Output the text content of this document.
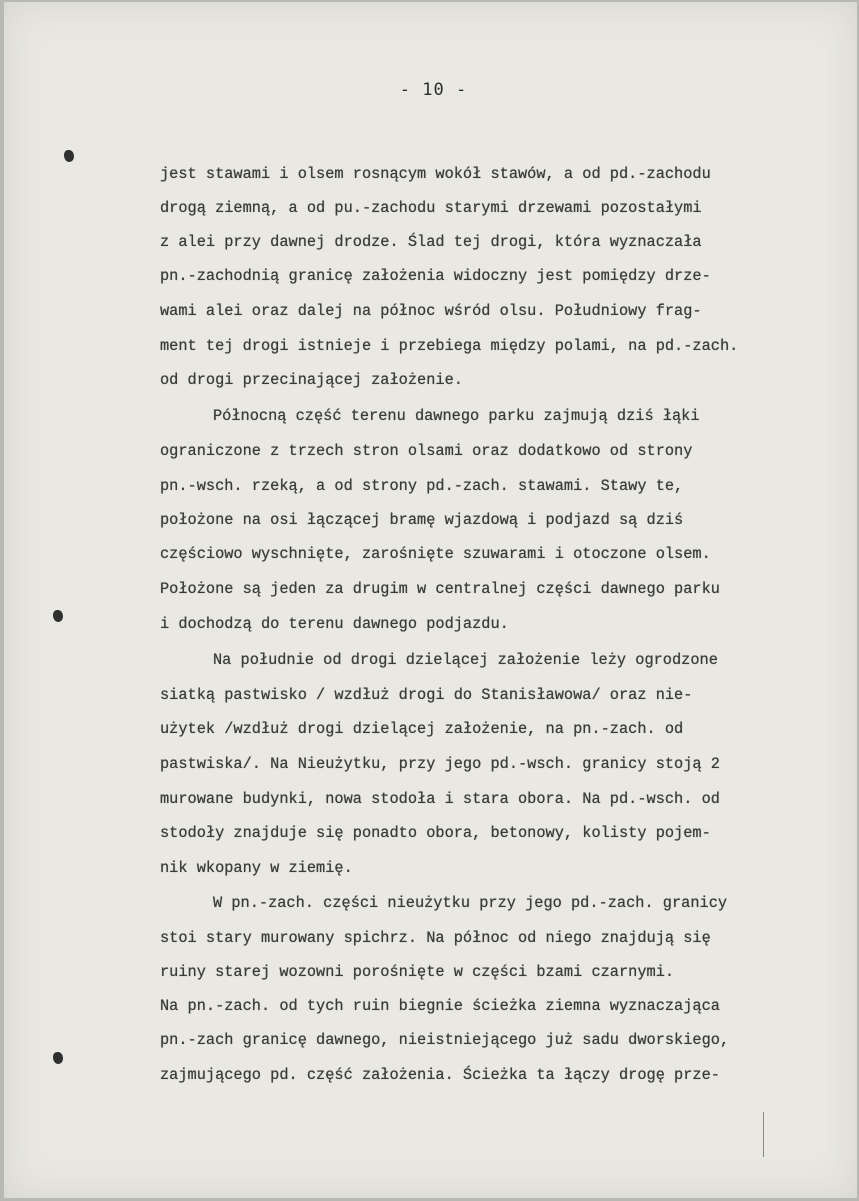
- 10 -
jest stawami i olsem rosnącym wokół stawów, a od pd.-zachodu
drogą ziemną, a od pu.-zachodu starymi drzewami pozostałymi
z alei przy dawnej drodze. Ślad tej drogi, która wyznaczała
pn.-zachodnią granicę założenia widoczny jest pomiędzy drze-
wami alei oraz dalej na północ wśród olsu. Południowy frag-
ment tej drogi istnieje i przebiega między polami, na pd.-zach.
od drogi przecinającej założenie.
Północną część terenu dawnego parku zajmują dziś łąki
ograniczone z trzech stron olsami oraz dodatkowo od strony
pn.-wsch. rzeką, a od strony pd.-zach. stawami. Stawy te,
położone na osi łączącej bramę wjazdową i podjazd są dziś
częściowo wyschnięte, zarośnięte szuwarami i otoczone olsem.
Położone są jeden za drugim w centralnej części dawnego parku
i dochodzą do terenu dawnego podjazdu.
Na południe od drogi dzielącej założenie leży ogrodzone
siatką pastwisko / wzdłuż drogi do Stanisławowa/ oraz nie-
użytek /wzdłuż drogi dzielącej założenie, na pn.-zach. od
pastwiska/. Na Nieużytku, przy jego pd.-wsch. granicy stoją 2
murowane budynki, nowa stodoła i stara obora. Na pd.-wsch. od
stodoły znajduje się ponadto obora, betonowy, kolisty pojem-
nik wkopany w ziemię.
W pn.-zach. części nieużytku przy jego pd.-zach. granicy
stoi stary murowany spichrz. Na północ od niego znajdują się
ruiny starej wozowni porośnięte w części bzami czarnymi.
Na pn.-zach. od tych ruin biegnie ścieżka ziemna wyznaczająca
pn.-zach granicę dawnego, nieistniejącego już sadu dworskiego,
zajmującego pd. część założenia. Ścieżka ta łączy drogę prze-
